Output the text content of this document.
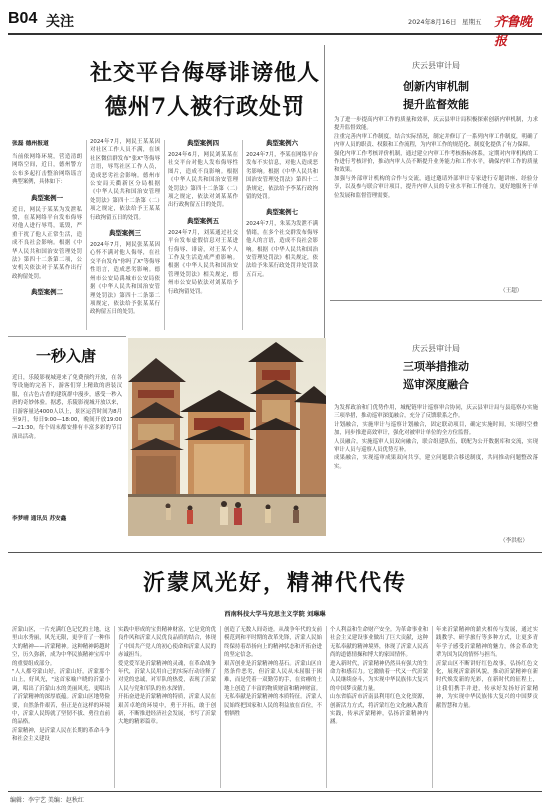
B04 关注	2024年8月16日 星期五 齐鲁晚报
社交平台侮辱诽谤他人
德州7人被行政处罚
张磊 德州报道
当前依网络环境，营造清朗网络空间，近日，德州警方公布多起打击整治网络谣言典型案例，具体如下：
典型案例一
近日，网民于某某为发泄私愤，在某网络平台发布侮辱对他人进行辱骂，诋毁，严重干扰了他人正常生活，造成不良社会影响。根据《中华人民共和国治安管理处罚法》第四十二条第二项，公安机关依法对于某某作出行政拘留处罚。
典型案例二
2024年7月，网民王某某因对社区工作人员不满，在该社区微信群发布"张X"等侮辱言语，辱骂社区工作人员，造成恶劣社会影响。德州市公安局天衢新区分局根据《中华人民共和国治安管理处罚法》第四十二条第（二）项之规定，依法给予王某某行政拘留五日的处罚。
典型案例三
2024年7月，网民张某某因心怀不满对他人侮辱，在社交平台发布"你吗了X"等侮辱性语言，造成恶劣影响。德州市公安局禹城市公安局依据《中华人民共和国治安管理处罚法》第四十二条第二项规定，依法给予张某某行政拘留五日的处罚。
典型案例四
2024年6月，网民刘某某在社交平台对他人发布侮辱性图片，造成不良影响。根据《中华人民共和国治安管理处罚法》第四十二条第（二）项之规定，依法对刘某某作出行政拘留五日的处罚。
典型案例五
2024年7月，刘某通过社交平台发布虚假信息对王某进行侮辱、诽谤，对王某个人工作及生活造成严重影响。根据《中华人民共和国治安管理处罚法》相关规定，德州市公安局依法对刘某给予行政拘留处罚。
典型案例六
2024年7月，李某在网络平台发布不实信息，对他人造成恶劣影响。根据《中华人民共和国治安管理处罚法》第四十二条规定，依法给予李某行政拘留的处罚。
典型案例七
2024年7月，朱某为发泄不满情绪，在多个社交群发布侮辱他人的言语，造成不良社会影响。根据《中华人民共和国治安管理处罚法》相关规定，依法给予朱某行政处罚并处罚款五百元。
庆云县审计局
创新内审机制
提升监督效能
为了进一步提高内审工作的质量和效率，庆云县审计局积极探索创新内审机制，力求提升监督效能。
注重完善内审工作制度，结合实际情况，制定并修订了一系列内审工作制度，明确了内审人员的职责、权限和工作流程，为内审工作的规范化、制度化提供了有力保障。
强化内审工作考核评价机制，通过建立内审工作考核指标体系，定期对内审机构的工作进行考核评价，推动内审人员不断提升业务能力和工作水平，确保内审工作的质量和效果。
加强与外部审计机构的合作与交流，通过邀请外部审计专家进行专题讲座、经验分享，以及参与联合审计项目，提升内审人员的专业水平和工作能力，更好地服务于单位发展和监督管理需要。
（王超）
庆云县审计局
三项举措推动
巡审深度融合
为发挥政治和门优势作用，城配链审计巡察审合协同，庆云县审计局与县巡察办实施三项举措，推动巡审深度融合，充分了反馈联系之作。
计划融合，实施审计与巡察计划融合，固定联动项目，确定实施时间，实现时空叠加，同步推进高效审计，强化对被审计单位的全方位监督。
人员融合，实施巡审人员双向融合，联合组建队伍，联配为公开数据库和交流，实现审计人员与巡察人员优势互补。
成果融合，实现巡审成果双向共享，建立问题联合移送制度，共同推动问题整改落实。
（李洪松）
一秒入唐
近日，乐陵影视城迎来了免费预约开放，在各等设施的完善下，游客们穿上精致的唐装汉服，在古色古香的建筑群中漫步，感受一秒入唐的奇妙体验。据悉，乐陵影视城开放以来，日游客量达4000人以上，景区运营时间为8月至9月，每日9:00—18:00，晚间开放19:00—21:30。每个周末都安排有丰富多彩的节目演出活动。
李梦晴 通讯员 苏安鑫
沂蒙风光好，精神代代传
西南科技大学马克思主义学院 刘琳琳
沂蒙山区，一片充满红色记忆的土地，这里山水秀丽，风光无限，更孕育了一种伟大的精神——沂蒙精神。这种精神跨越时空，历久弥新，成为中华民族精神宝库中的重要组成部分。
"人人都夸蒙山好，沂蒙山好，沂蒙那个山上，好风光，"这首家喻户晓的沂蒙小调，唱出了沂蒙山水的美丽风光，更唱出了沂蒙精神的深厚底蕴。沂蒙山区地势险要，自然条件艰苦，但正是在这样的环境中，沂蒙人民铸就了坚韧不拔、勇往直前的品格。
沂蒙精神，是沂蒙人民在长期的革命斗争和社会主义建设
实践中形成的宝贵精神财富，它是党的优良作风和沂蒙人民优良品质的结合，体现了中国共产党人的初心使命和沂蒙人民的赤诚担当。
爱党爱军是沂蒙精神的灵魂，在革命战争年代，沂蒙人民用自己的实际行动诠释了对党的忠诚，对军队的热爱，表现了沂蒙人民与党和军队的鱼水深情。
开拓奋进是沂蒙精神的特质，沂蒙人民在艰苦卓绝的环境中，勇于开拓，敢于创新，不断推进经济社会发展，书写了沂蒙大地的精彩篇章。
创造了无数人间奇迹。从战争年代的支前模范到和平时期的改革先锋，沂蒙人民始终保持着昂扬向上的精神状态和开拓奋进的坚定信念。
艰苦创业是沂蒙精神的基石。沂蒙山区自然条件恶劣，但沂蒙人民从未屈服于困难，而是凭着一双勤劳的手，在贫瘠的土地上创造了丰富的物质财富和精神财富。
无私奉献是沂蒙精神的本质特征。沂蒙人民始终把国家和人民的利益放在首位，不惜牺牲
个人利益和生命财产安全。为革命事业和社会主义建设事业做出了巨大贡献，这种无私奉献的精神境界，体现了沂蒙人民高尚的道德情操和博大的家国情怀。
进入新时代，沂蒙精神仍然具有强大的生命力和感召力。它激励着一代又一代沂蒙人民继续奋斗，为实现中华民族伟大复兴的中国梦贡献力量。
山东省临沂市沂南县利用红色文化资源，创新活力方式，将沂蒙红色文化融入教育实践，传承沂蒙精神，弘扬沂蒙精神内涵。
年来沂蒙精神的薪火相传与发展，通过实践教学、研学旅行等多种方式，让更多青年学子感受沂蒙精神的魅力，体会革命先辈为国为民的情怀与担当。
沂蒙山区不断讲好红色故事，弘扬红色文化，展现沂蒙新风貌，推动沂蒙精神在新时代焕发新的光彩，在新时代的征程上，让我们携手并进，传承好发扬好沂蒙精神，为实现中华民族伟大复兴的中国梦贡献智慧和力量。
编辑：李宁艺 美编：赵秋红
